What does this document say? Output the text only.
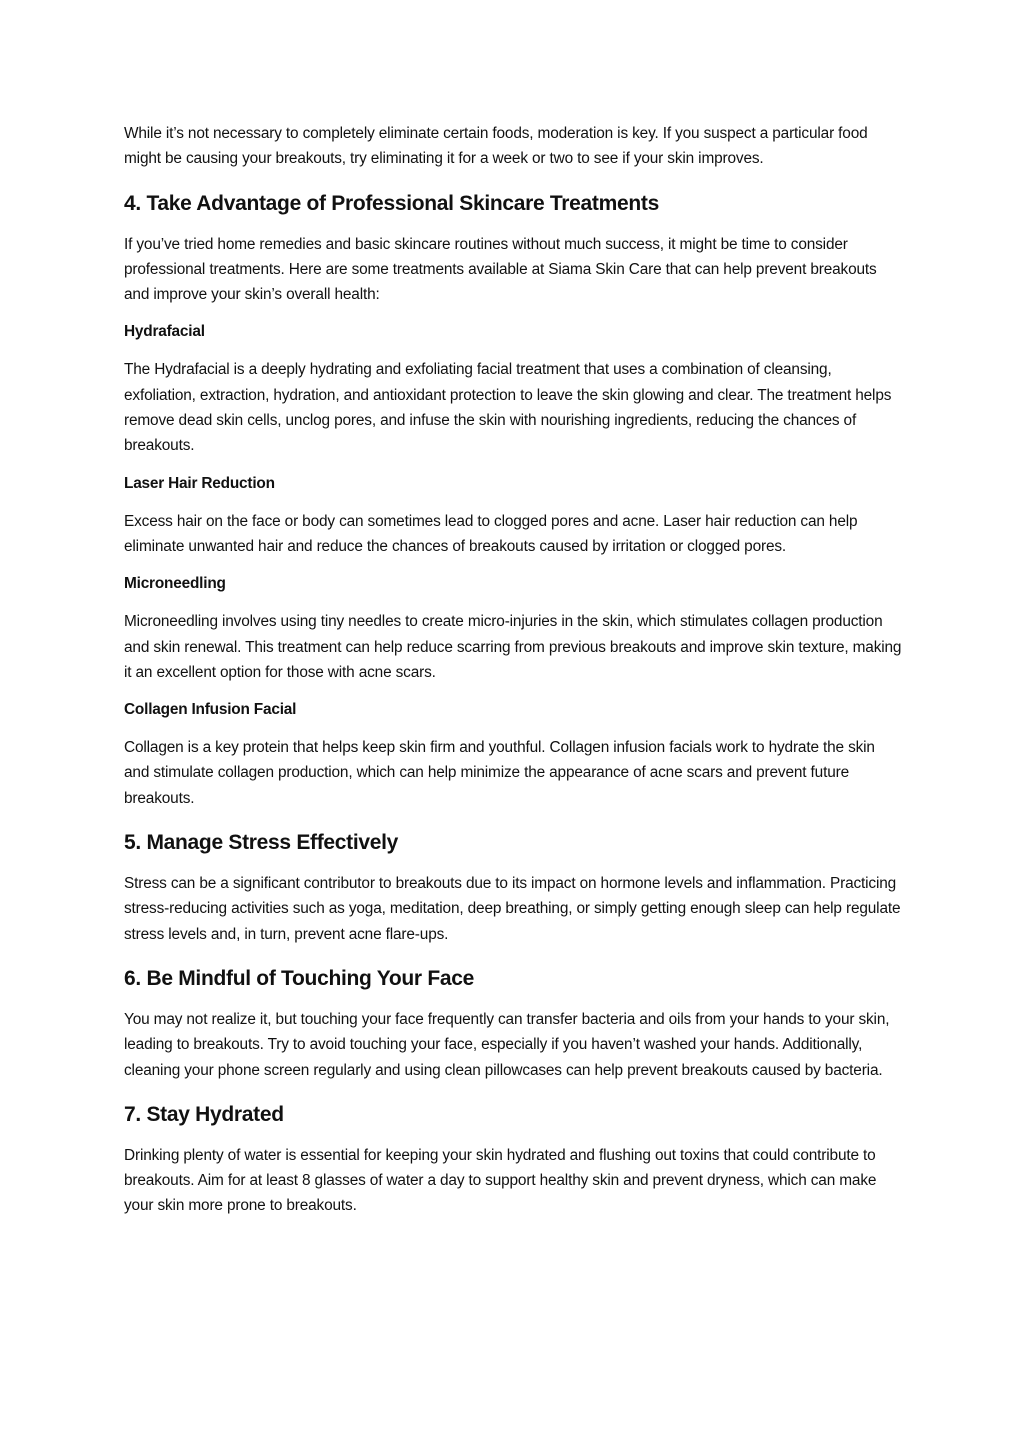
While it’s not necessary to completely eliminate certain foods, moderation is key. If you suspect a particular food might be causing your breakouts, try eliminating it for a week or two to see if your skin improves.

4. Take Advantage of Professional Skincare Treatments

If you’ve tried home remedies and basic skincare routines without much success, it might be time to consider professional treatments. Here are some treatments available at Siama Skin Care that can help prevent breakouts and improve your skin’s overall health:

Hydrafacial

The Hydrafacial is a deeply hydrating and exfoliating facial treatment that uses a combination of cleansing, exfoliation, extraction, hydration, and antioxidant protection to leave the skin glowing and clear. The treatment helps remove dead skin cells, unclog pores, and infuse the skin with nourishing ingredients, reducing the chances of breakouts.

Laser Hair Reduction

Excess hair on the face or body can sometimes lead to clogged pores and acne. Laser hair reduction can help eliminate unwanted hair and reduce the chances of breakouts caused by irritation or clogged pores.

Microneedling

Microneedling involves using tiny needles to create micro-injuries in the skin, which stimulates collagen production and skin renewal. This treatment can help reduce scarring from previous breakouts and improve skin texture, making it an excellent option for those with acne scars.

Collagen Infusion Facial

Collagen is a key protein that helps keep skin firm and youthful. Collagen infusion facials work to hydrate the skin and stimulate collagen production, which can help minimize the appearance of acne scars and prevent future breakouts.

5. Manage Stress Effectively

Stress can be a significant contributor to breakouts due to its impact on hormone levels and inflammation. Practicing stress-reducing activities such as yoga, meditation, deep breathing, or simply getting enough sleep can help regulate stress levels and, in turn, prevent acne flare-ups.

6. Be Mindful of Touching Your Face

You may not realize it, but touching your face frequently can transfer bacteria and oils from your hands to your skin, leading to breakouts. Try to avoid touching your face, especially if you haven’t washed your hands. Additionally, cleaning your phone screen regularly and using clean pillowcases can help prevent breakouts caused by bacteria.

7. Stay Hydrated

Drinking plenty of water is essential for keeping your skin hydrated and flushing out toxins that could contribute to breakouts. Aim for at least 8 glasses of water a day to support healthy skin and prevent dryness, which can make your skin more prone to breakouts.
